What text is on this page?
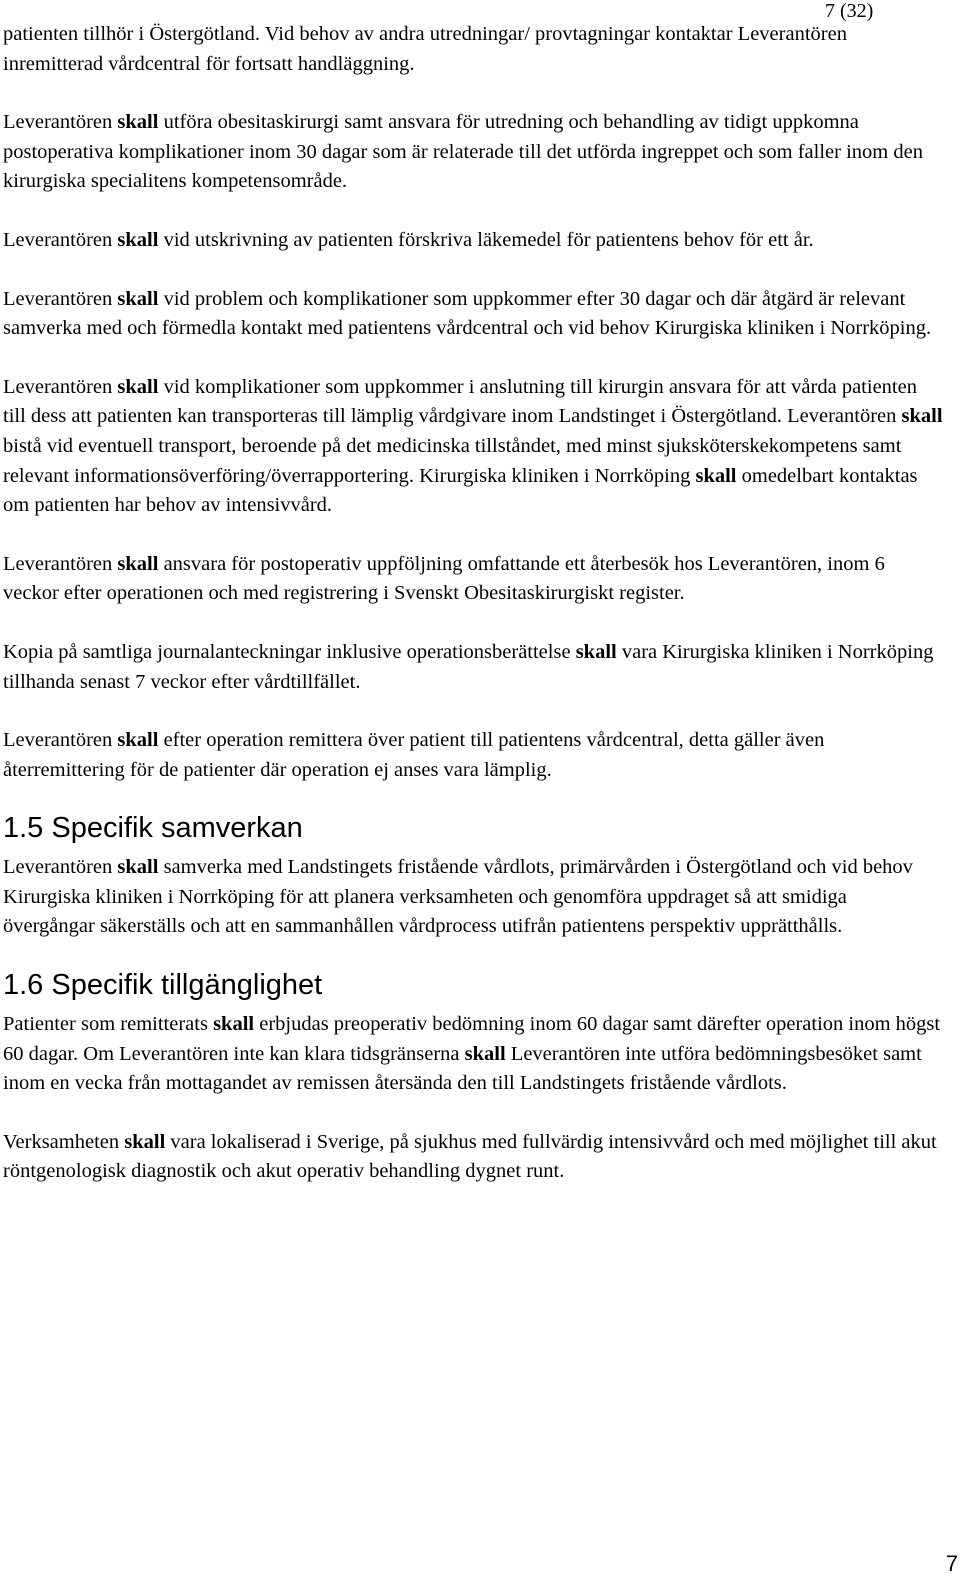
7 (32)

patienten tillhör i Östergötland. Vid behov av andra utredningar/ provtagningar kontaktar Leverantören inremitterad vårdcentral för fortsatt handläggning.

Leverantören skall utföra obesitaskirurgi samt ansvara för utredning och behandling av tidigt uppkomna postoperativa komplikationer inom 30 dagar som är relaterade till det utförda ingreppet och som faller inom den kirurgiska specialitens kompetensområde.

Leverantören skall vid utskrivning av patienten förskriva läkemedel för patientens behov för ett år.

Leverantören skall vid problem och komplikationer som uppkommer efter 30 dagar och där åtgärd är relevant samverka med och förmedla kontakt med patientens vårdcentral och vid behov Kirurgiska kliniken i Norrköping.

Leverantören skall vid komplikationer som uppkommer i anslutning till kirurgin ansvara för att vårda patienten till dess att patienten kan transporteras till lämplig vårdgivare inom Landstinget i Östergötland. Leverantören skall bistå vid eventuell transport, beroende på det medicinska tillståndet, med minst sjuksköterskekompetens samt relevant informationsöverföring/överrapportering. Kirurgiska kliniken i Norrköping skall omedelbart kontaktas om patienten har behov av intensivvård.

Leverantören skall ansvara för postoperativ uppföljning omfattande ett återbesök hos Leverantören, inom 6 veckor efter operationen och med registrering i Svenskt Obesitaskirurgiskt register.

Kopia på samtliga journalanteckningar inklusive operationsberättelse skall vara Kirurgiska kliniken i Norrköping tillhanda senast 7 veckor efter vårdtillfället.

Leverantören skall efter operation remittera över patient till patientens vårdcentral, detta gäller även återremittering för de patienter där operation ej anses vara lämplig.

1.5 Specifik samverkan

Leverantören skall samverka med Landstingets fristående vårdlots, primärvården i Östergötland och vid behov Kirurgiska kliniken i Norrköping för att planera verksamheten och genomföra uppdraget så att smidiga övergångar säkerställs och att en sammanhållen vårdprocess utifrån patientens perspektiv upprätthålls.

1.6 Specifik tillgänglighet

Patienter som remitterats skall erbjudas preoperativ bedömning inom 60 dagar samt därefter operation inom högst 60 dagar. Om Leverantören inte kan klara tidsgränserna skall Leverantören inte utföra bedömningsbesöket samt inom en vecka från mottagandet av remissen återsända den till Landstingets fristående vårdlots.

Verksamheten skall vara lokaliserad i Sverige, på sjukhus med fullvärdig intensivvård och med möjlighet till akut röntgenologisk diagnostik och akut operativ behandling dygnet runt.

7
